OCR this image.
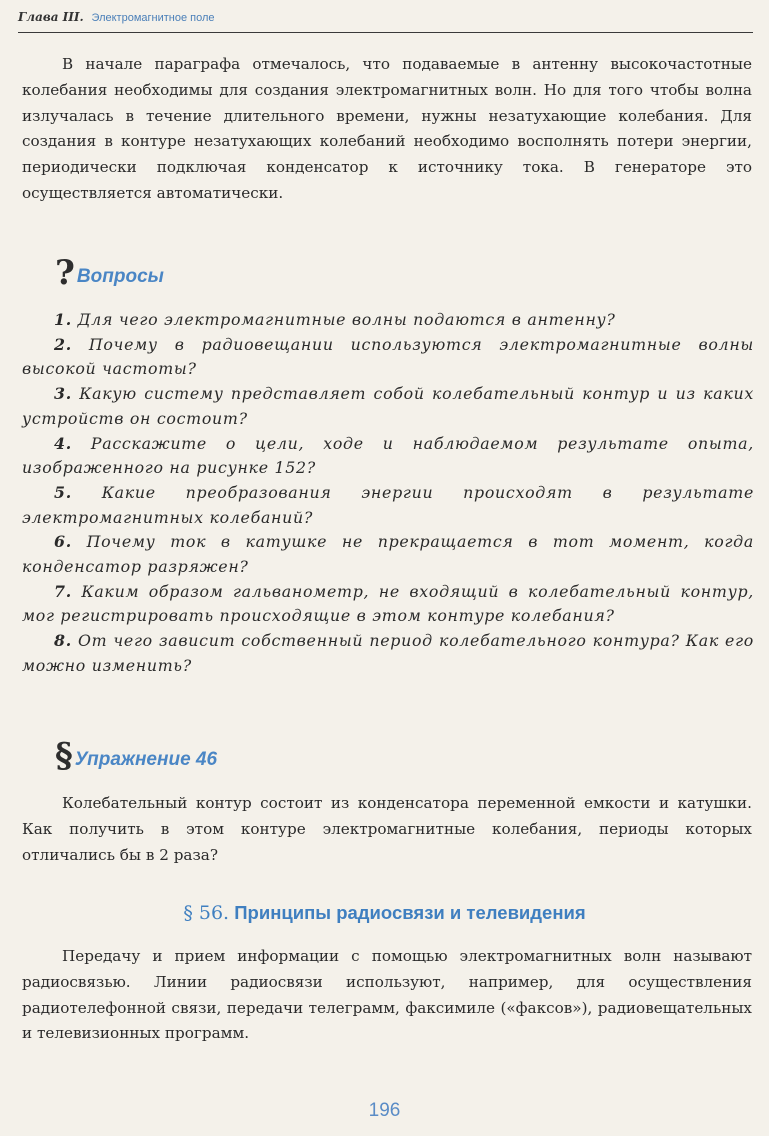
Глава III. Электромагнитное поле

В начале параграфа отмечалось, что подаваемые в антенну высокочастотные колебания необходимы для создания электромагнитных волн. Но для того чтобы волна излучалась в течение длительного времени, нужны незатухающие колебания. Для создания в контуре незатухающих колебаний необходимо восполнять потери энергии, периодически подключая конденсатор к источнику тока. В генераторе это осуществляется автоматически.

? Вопросы

1. Для чего электромагнитные волны подаются в антенну?

2. Почему в радиовещании используются электромагнитные волны высокой частоты?

3. Какую систему представляет собой колебательный контур и из каких устройств он состоит?

4. Расскажите о цели, ходе и наблюдаемом результате опыта, изображенного на рисунке 152?

5. Какие преобразования энергии происходят в результате электромагнитных колебаний?

6. Почему ток в катушке не прекращается в тот момент, когда конденсатор разряжен?

7. Каким образом гальванометр, не входящий в колебательный контур, мог регистрировать происходящие в этом контуре колебания?

8. От чего зависит собственный период колебательного контура? Как его можно изменить?

§ Упражнение 46

Колебательный контур состоит из конденсатора переменной емкости и катушки. Как получить в этом контуре электромагнитные колебания, периоды которых отличались бы в 2 раза?

§ 56. Принципы радиосвязи и телевидения

Передачу и прием информации с помощью электромагнитных волн называют радиосвязью. Линии радиосвязи используют, например, для осуществления радиотелефонной связи, передачи телеграмм, факсимиле («факсов»), радиовещательных и телевизионных программ.

196
